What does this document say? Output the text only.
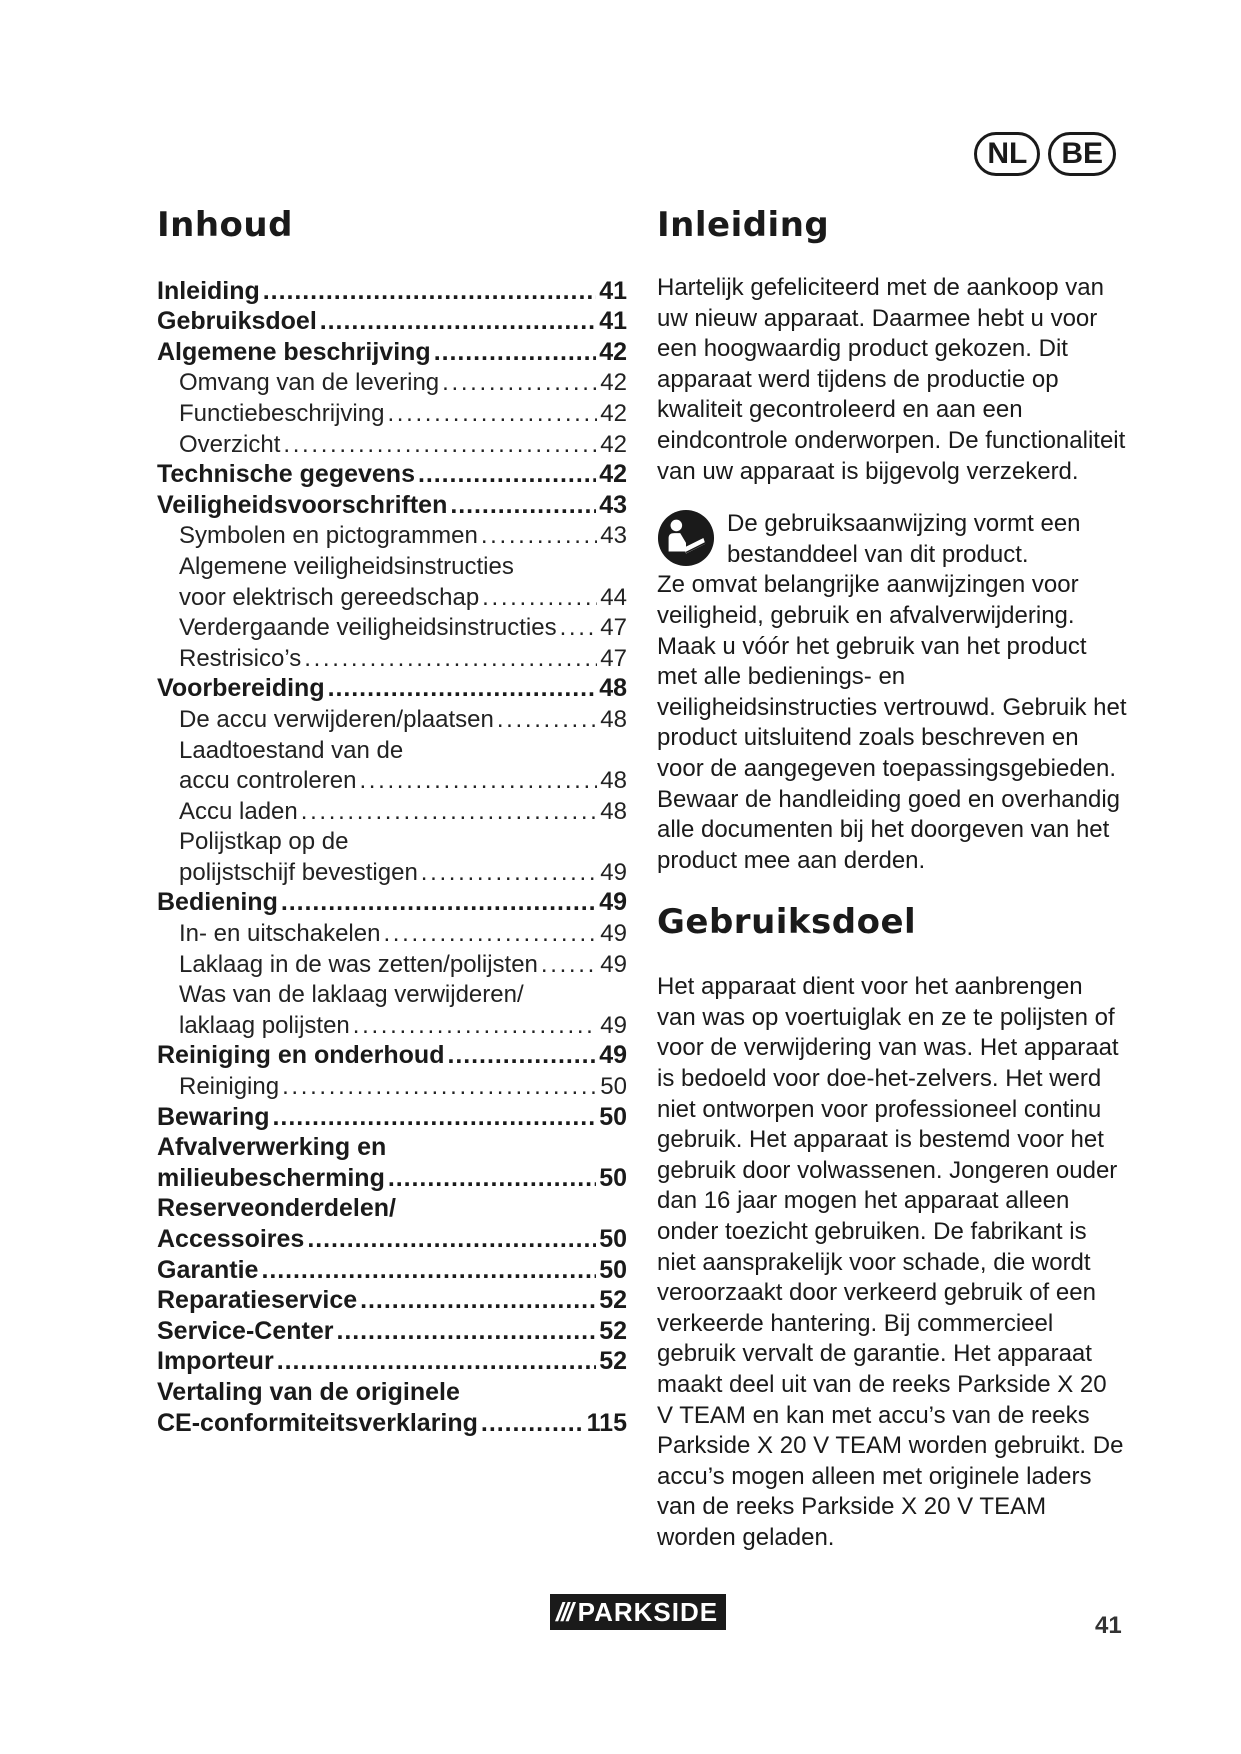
NL	BE
Inhoud
Inleiding . . .	41
Gebruiksdoel . . .	41
Algemene beschrijving . . .	42
Omvang van de levering . . .	42
Functiebeschrijving . . .	42
Overzicht . . .	42
Technische gegevens . . .	42
Veiligheidsvoorschriften . . .	43
Symbolen en pictogrammen . . .	43
Algemene veiligheidsinstructies
voor elektrisch gereedschap . . .	44
Verdergaande veiligheidsinstructies . . . 47
Restrisico’s . . .	47
Voorbereiding . . .	48
De accu verwijderen/plaatsen . . .	48
Laadtoestand van de
accu controleren . . .	48
Accu laden . . .	48
Polijstkap op de
polijstschijf bevestigen . . .	49
Bediening . . .	49
In- en uitschakelen . . .	49
Laklaag in de was zetten/polijsten . . .	49
Was van de laklaag verwijderen/
laklaag polijsten . . .	49
Reiniging en onderhoud . . .	49
Reiniging . . .	50
Bewaring . . .	50
Afvalverwerking en
milieubescherming . . .	50
Reserveonderdelen/
Accessoires . . .	50
Garantie . . .	50
Reparatieservice . . .	52
Service-Center . . .	52
Importeur . . .	52
Vertaling van de originele
CE-conformiteitsverklaring . . .	115
Inleiding

Hartelijk gefeliciteerd met de aankoop van uw nieuw apparaat. Daarmee hebt u voor een hoogwaardig product gekozen. Dit apparaat werd tijdens de productie op kwaliteit gecontroleerd en aan een eindcontrole onderworpen. De functionaliteit van uw apparaat is bijgevolg verzekerd.

De gebruiksaanwijzing vormt een bestanddeel van dit product.

Ze omvat belangrijke aanwijzingen voor veiligheid, gebruik en afvalverwijdering. Maak u vóór het gebruik van het product met alle bedienings- en veiligheidsinstructies vertrouwd. Gebruik het product uitsluitend zoals beschreven en voor de aangegeven toepassingsgebieden. Bewaar de handleiding goed en overhandig alle documenten bij het doorgeven van het product mee aan derden.

Gebruiksdoel

Het apparaat dient voor het aanbrengen van was op voertuiglak en ze te polijsten of voor de verwijdering van was. Het apparaat is bedoeld voor doe-het-zelvers. Het werd niet ontworpen voor professioneel continu gebruik. Het apparaat is bestemd voor het gebruik door volwassenen. Jongeren ouder dan 16 jaar mogen het apparaat alleen onder toezicht gebruiken. De fabrikant is niet aansprakelijk voor schade, die wordt veroorzaakt door verkeerd gebruik of een verkeerde hantering. Bij commercieel gebruik vervalt de garantie. Het apparaat maakt deel uit van de reeks Parkside X 20 V TEAM en kan met accu’s van de reeks Parkside X 20 V TEAM worden gebruikt. De accu’s mogen alleen met originele laders van de reeks Parkside X 20 V TEAM worden geladen.

/// PARKSIDE	41
